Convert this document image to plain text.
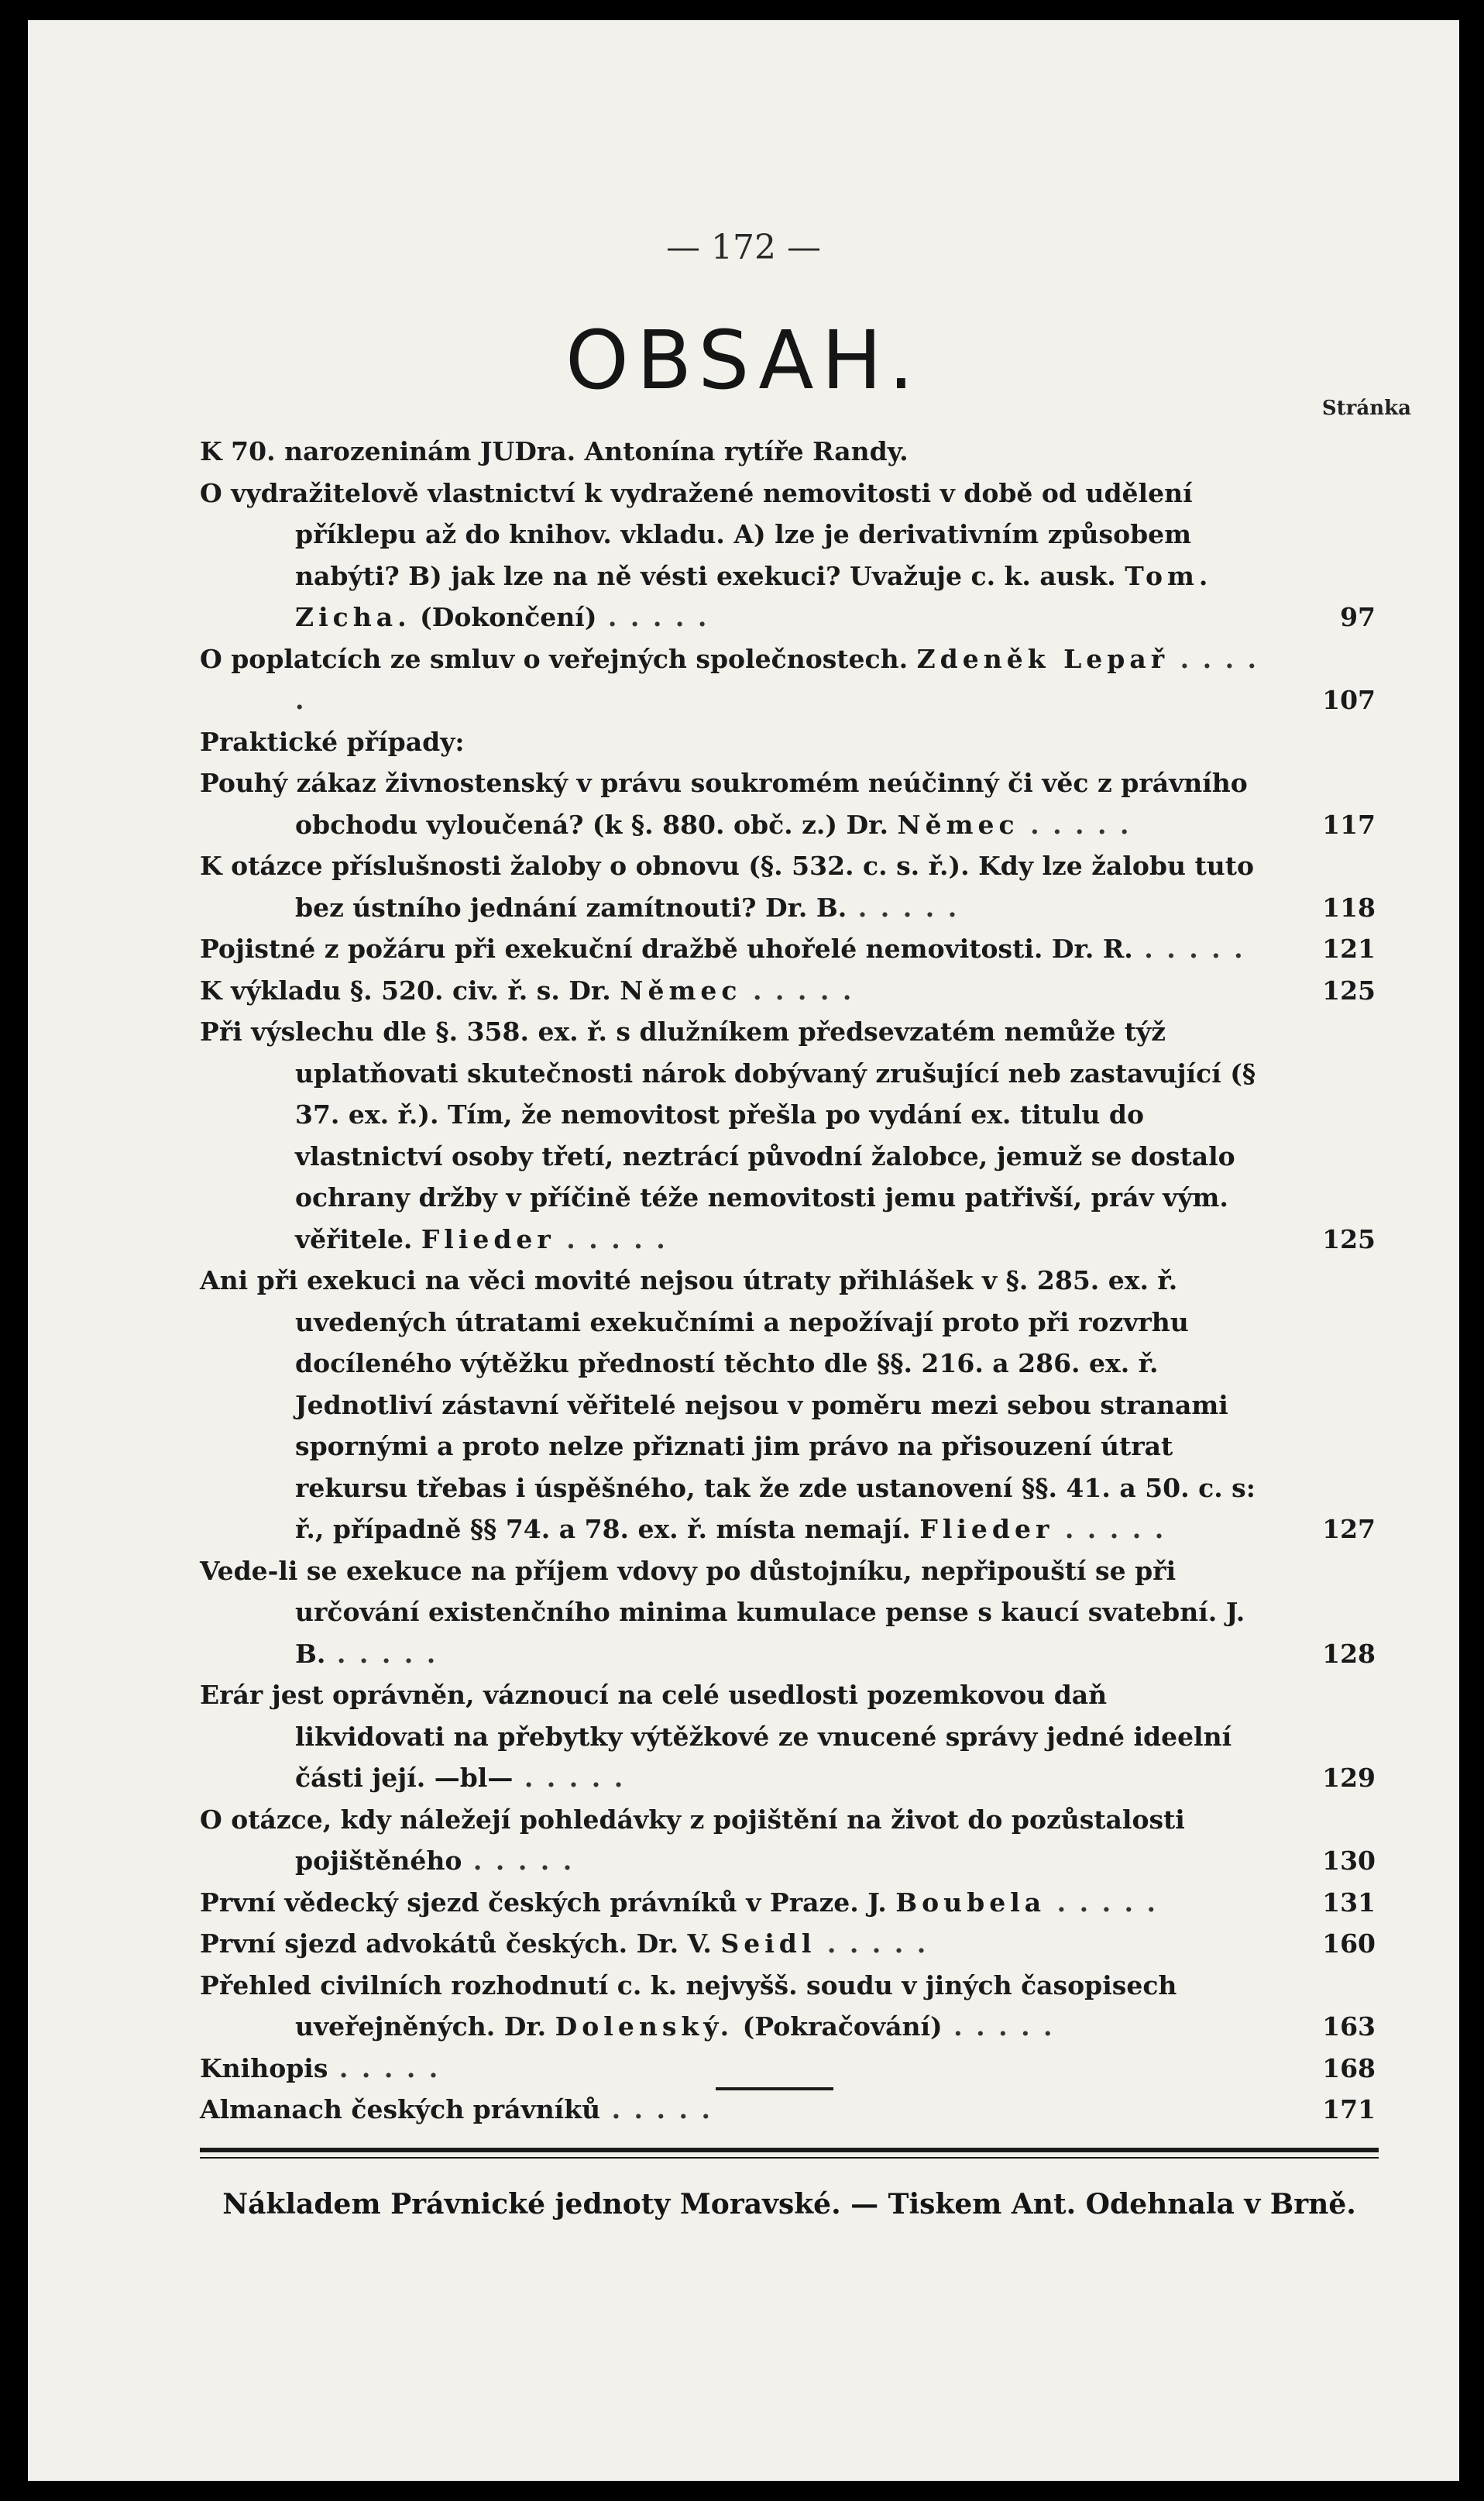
— 172 —
OBSAH.
Stránka
K 70. narozeninám JUDra. Antonína rytíře Randy.
O vydražitelově vlastnictví k vydražené nemovitosti v době od udělení příklepu až do knihov. vkladu. A) lze je derivativním způsobem nabýti? B) jak lze na ně vésti exekuci? Uvažuje c. k. ausk. Tom. Zicha. (Dokončení) . . . . .	97
O poplatcích ze smluv o veřejných společnostech. Zdeněk Lepař . . . . .	107
Praktické případy:
Pouhý zákaz živnostenský v právu soukromém neúčinný či věc z právního obchodu vyloučená? (k §. 880. obč. z.) Dr. Němec . . . . .	117
K otázce příslušnosti žaloby o obnovu (§. 532. c. s. ř.). Kdy lze žalobu tuto bez ústního jednání zamítnouti? Dr. B. . . . . .	118
Pojistné z požáru při exekuční dražbě uhořelé nemovitosti. Dr. R. . . . . .	121
K výkladu §. 520. civ. ř. s. Dr. Němec . . . . .	125
Při výslechu dle §. 358. ex. ř. s dlužníkem předsevzatém nemůže týž uplatňovati skutečnosti nárok dobývaný zrušující neb zastavující (§ 37. ex. ř.). Tím, že nemovitost přešla po vydání ex. titulu do vlastnictví osoby třetí, neztrácí původní žalobce, jemuž se dostalo ochrany držby v příčině téže nemovitosti jemu patřivší, práv vým. věřitele. Flieder . . . . .	125
Ani při exekuci na věci movité nejsou útraty přihlášek v §. 285. ex. ř. uvedených útratami exekučními a nepožívají proto při rozvrhu docíleného výtěžku předností těchto dle §§. 216. a 286. ex. ř. Jednotliví zástavní věřitelé nejsou v poměru mezi sebou stranami spornými a proto nelze přiznati jim právo na přisouzení útrat rekursu třebas i úspěšného, tak že zde ustanovení §§. 41. a 50. c. s: ř., případně §§ 74. a 78. ex. ř. místa nemají. Flieder . . . . .	127
Vede-li se exekuce na příjem vdovy po důstojníku, nepřipouští se při určování existenčního minima kumulace pense s kaucí svatební. J. B. . . . . .	128
Erár jest oprávněn, váznoucí na celé usedlosti pozemkovou daň likvidovati na přebytky výtěžkové ze vnucené správy jedné ideelní části její. —bl— . . . . .	129
O otázce, kdy náležejí pohledávky z pojištění na život do pozůstalosti pojištěného . . . . .	130
První vědecký sjezd českých právníků v Praze. J. Boubela . . . . .	131
První sjezd advokátů českých. Dr. V. Seidl . . . . .	160
Přehled civilních rozhodnutí c. k. nejvyšš. soudu v jiných časopisech uveřejněných. Dr. Dolenský. (Pokračování) . . . . .	163
Knihopis . . . . .	168
Almanach českých právníků . . . . .	171
Nákladem Právnické jednoty Moravské. — Tiskem Ant. Odehnala v Brně.
